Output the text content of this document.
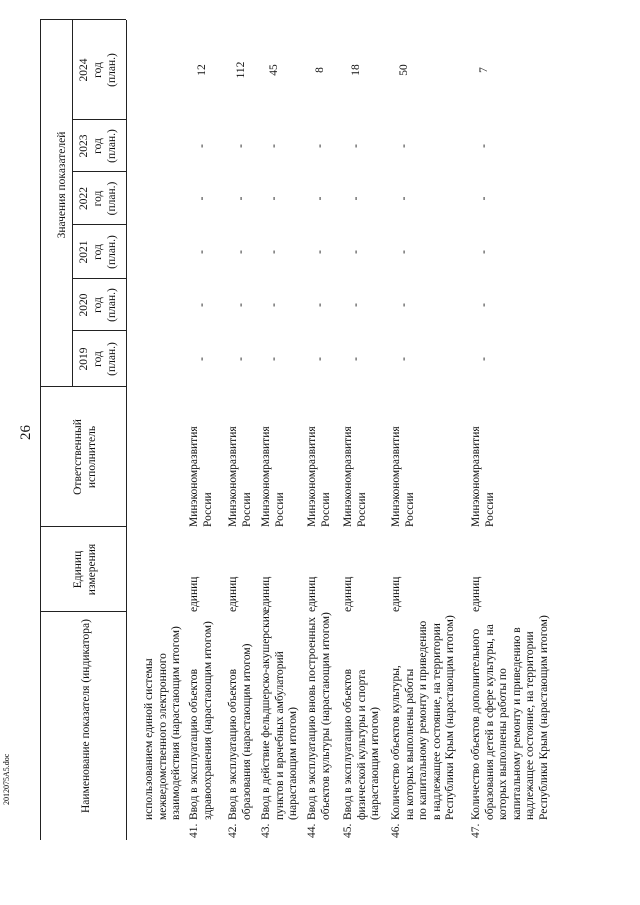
26
Наименование показателя (индикатора)
Единиц измерения
Ответственный исполнитель
Значения показателей
2019 год (план.)
2020 год (план.)
2021 год (план.)
2022 год (план.)
2023 год (план.)
2024 год (план.)
использованием единой системы межведомственного электронного взаимодействия (нарастающим итогом)
41.
Ввод в эксплуатацию объектов здравоохранения (нарастающим итогом)
единиц
Минэкономразвития России
-
-
-
-
-
12
42.
Ввод в эксплуатацию объектов образования (нарастающим итогом)
единиц
Минэкономразвития России
-
-
-
-
-
112
43.
Ввод в действие фельдшерско-акушерских пунктов и врачебных амбулаторий (нарастающим итогом)
единиц
Минэкономразвития России
-
-
-
-
-
45
44.
Ввод в эксплуатацию вновь построенных объектов культуры (нарастающим итогом)
единиц
Минэкономразвития России
-
-
-
-
-
8
45.
Ввод в эксплуатацию объектов физической культуры и спорта (нарастающим итогом)
единиц
Минэкономразвития России
-
-
-
-
-
18
46.
Количество объектов культуры, на которых выполнены работы по капитальному ремонту и приведению в надлежащее состояние, на территории Республики Крым (нарастающим итогом)
единиц
Минэкономразвития России
-
-
-
-
-
50
47.
Количество объектов дополнительного образования детей в сфере культуры, на которых выполнены работы по капитальному ремонту и приведению в надлежащее состояние, на территории Республики Крым (нарастающим итогом)
единиц
Минэкономразвития России
-
-
-
-
-
7
2012075А5.doc
